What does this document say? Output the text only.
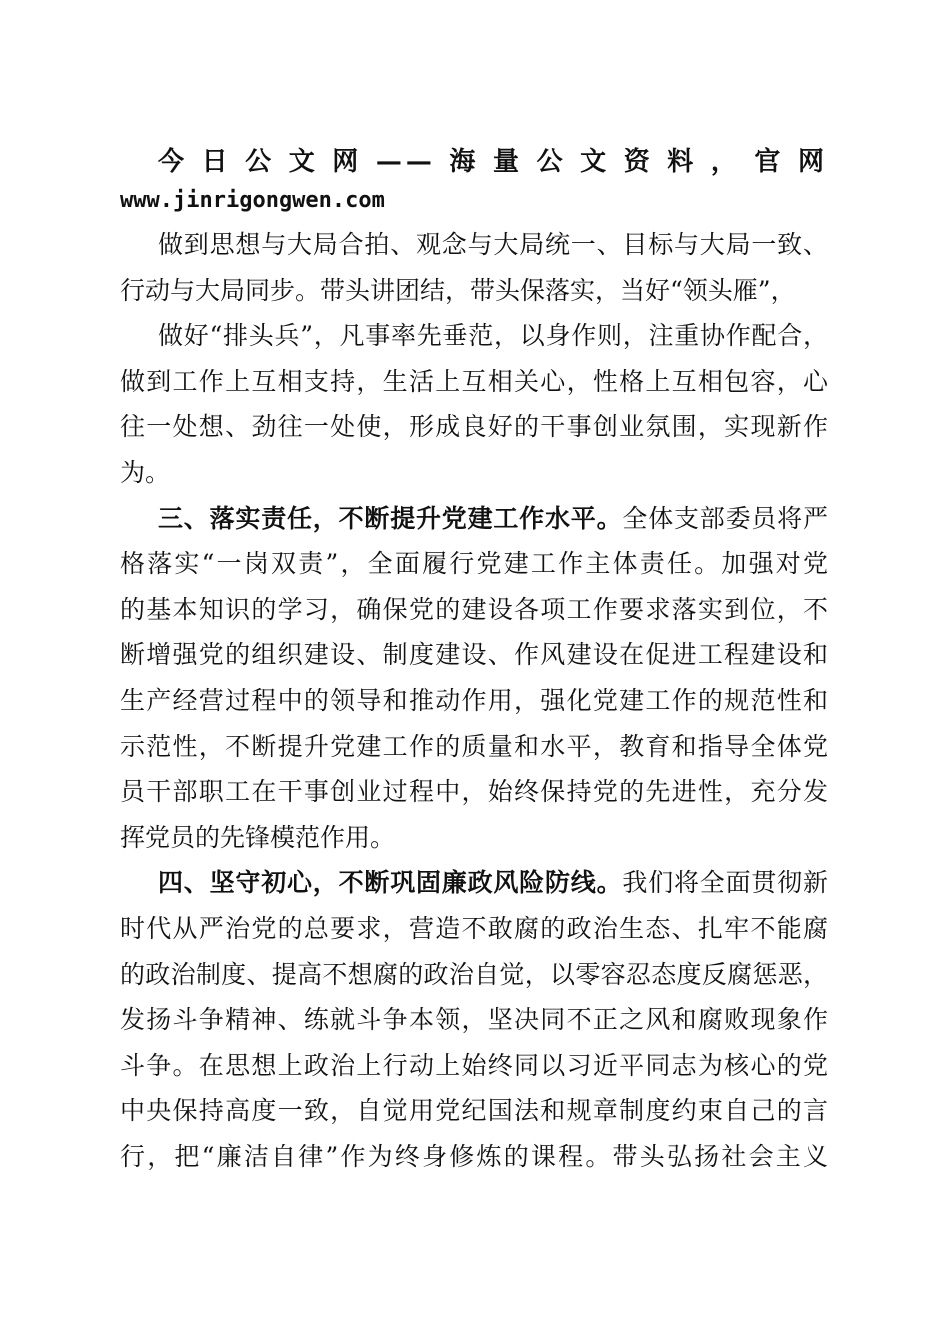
今日公文网——海量公文资料，官网
www.jinrigongwen.com
做到思想与大局合拍、观念与大局统一、目标与大局一致、
行动与大局同步。带头讲团结，带头保落实，当好“领头雁”，
做好“排头兵”，凡事率先垂范，以身作则，注重协作配合，
做到工作上互相支持，生活上互相关心，性格上互相包容，心
往一处想、劲往一处使，形成良好的干事创业氛围，实现新作
为。
三、落实责任，不断提升党建工作水平。全体支部委员将严
格落实“一岗双责”，全面履行党建工作主体责任。加强对党
的基本知识的学习，确保党的建设各项工作要求落实到位，不
断增强党的组织建设、制度建设、作风建设在促进工程建设和
生产经营过程中的领导和推动作用，强化党建工作的规范性和
示范性，不断提升党建工作的质量和水平，教育和指导全体党
员干部职工在干事创业过程中，始终保持党的先进性，充分发
挥党员的先锋模范作用。
四、坚守初心，不断巩固廉政风险防线。我们将全面贯彻新
时代从严治党的总要求，营造不敢腐的政治生态、扎牢不能腐
的政治制度、提高不想腐的政治自觉，以零容忍态度反腐惩恶，
发扬斗争精神、练就斗争本领，坚决同不正之风和腐败现象作
斗争。在思想上政治上行动上始终同以习近平同志为核心的党
中央保持高度一致，自觉用党纪国法和规章制度约束自己的言
行，把“廉洁自律”作为终身修炼的课程。带头弘扬社会主义
